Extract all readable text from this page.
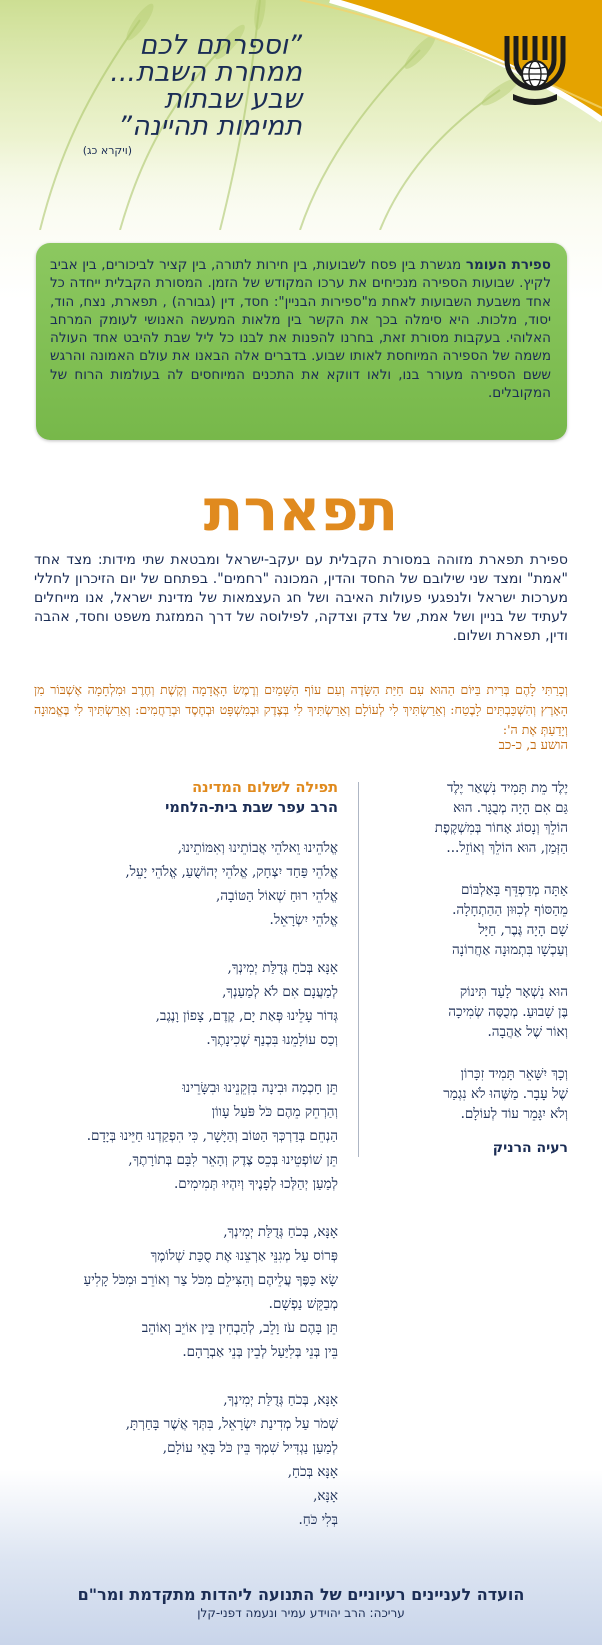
”וספרתם לכם
ממחרת השבת...
שבע שבתות
תמימות תהיינה”
(ויקרא כג)

ספירת העומר מגשרת בין פסח לשבועות, בין חירות לתורה, בין קציר לביכורים, בין אביב לקיץ. שבועות הספירה מנכיחים את ערכו המקודש של הזמן. המסורת הקבלית ייחדה כל אחד משבעת השבועות לאחת מ"ספירות הבניין": חסד, דין (גבורה) , תפארת, נצח, הוד, יסוד, מלכות. היא סימלה בכך את הקשר בין מלאות המעשה האנושי לעומק המרחב האלוהי. בעקבות מסורת זאת, בחרנו להפנות את לבנו כל ליל שבת להיבט אחד העולה משמה של הספירה המיוחסת לאותו שבוע. בדברים אלה הבאנו את עולם האמונה והרגש ששם הספירה מעורר בנו, ולאו דווקא את התכנים המיוחסים לה בעולמות הרוח של המקובלים.

תפארת

ספירת תפארת מזוהה במסורת הקבלית עם יעקב-ישראל ומבטאת שתי מידות: מצד אחד "אמת" ומצד שני שילובם של החסד והדין, המכונה "רחמים". בפתחם של יום הזיכרון לחללי מערכות ישראל ולנפגעי פעולות האיבה ושל חג העצמאות של מדינת ישראל, אנו מייחלים לעתיד של בניין ושל אמת, של צדק וצדקה, לפילוסה של דרך הממזגת משפט וחסד, אהבה ודין, תפארת ושלום.

וְכָרַתִּי לָהֶם בְּרִית בַּיּוֹם הַהוּא עִם חַיַּת הַשָּׂדֶה וְעִם עוֹף הַשָּׁמַיִם וְרֶמֶשׂ הָאֲדָמָה וְקֶשֶׁת וְחֶרֶב וּמִלְחָמָה אֶשְׁבּוֹר מִן הָאָרֶץ וְהִשְׁכַּבְתִּים לָבֶטַח: וְאֵרַשְׂתִּיךְ לִי לְעוֹלָם וְאֵרַשְׂתִּיךְ לִי בְּצֶדֶק וּבְמִשְׁפָּט וּבְחֶסֶד וּבְרַחֲמִים: וְאֵרַשְׂתִּיךְ לִי בֶּאֱמוּנָה וְיָדַעַתְּ אֶת ה':

הושע ב, כ-כב
יֶלֶד מֵת תָּמִיד נִשְׁאַר יֶלֶד
גַּם אִם הָיָה מְבֻגָּר. הוּא
הוֹלֵךְ וְנָסוֹג אָחוֹר בְּמִשְׁקֶפֶת
הַזְּמַן, הוּא הוֹלֵךְ וְאוֹזֵל...
אַתָּה מְדַפְדֵּף בָּאַלְבּוֹם
מֵהַסּוֹף לְכִוּוּן הַהַתְחָלָה.
שָׁם הָיָה גֶּבֶר, חַיָּל
וְעַכְשָׁו בִּתְמוּנָה אַחֲרוֹנָה
הוּא נִשְׁאָר לָעַד תִּינוֹק
בֶּן שָׁבוּעַ. מְכֻסֶּה שְׂמִיכָה
וְאוֹר שֶׁל אַהֲבָה.
וְכָךְ יִשָּׁאֵר תָּמִיד זִכָּרוֹן
שֶׁל עָבָר. מַשֶּׁהוּ לֹא נִגְמַר
וְלֹא יִגָּמֵר עוֹד לְעוֹלָם.
רעיה הרניק
תפילה לשלום המדינה
הרב עפר שבת בית-הלחמי
אֱלֹהֵינוּ וֵאלֹהֵי אֲבוֹתֵינוּ וְאִמּוֹתֵינוּ,
אֱלֹהֵי פַּחַד יִצְחָק, אֱלֹהֵי יְהוֹשֻׁעַ, אֱלֹהֵי יָעֵל,
אֱלֹהֵי רוּחַ שְׁאוֹל הַטּוֹבָה,
אֱלֹהֵי יִשְׂרָאֵל.
אָנָּא בְּכֹחַ גְּדֻלַּת יְמִינְךָ,
לְמַעֲנָם אִם לֹא לְמַעַנְךָ,
גְּדוֹר עָלֵינוּ פְּאַת יָם, קֶדֶם, צָפוֹן וָנֶגֶב,
וְכַס עוֹלָמֵנוּ בִּכְנַף שְׁכִינָתֶךָ.
תֵּן חָכְמָה וּבִינָה בִּזְקֵנֵינוּ וּבִשָּׂרֵינוּ
וְהַרְחֵק מֵהֶם כֹּל פֹּעַל עָווֹן
הַנְחֵם בְּדַרְכְּךָ הַטּוֹב וְהַיָּשָׁר, כִּי הִפְקַדְנוּ חַיֵּינוּ בְּיָדָם.
תֵּן שׁוֹפְטֵינוּ בְּכֵס צֶדֶק וְהָאֵר לִבָּם בְּתוֹרָתֶךָ,
לְמַעַן יְהַלְּכוּ לְפָנֶיךָ וְיִהְיוּ תְּמִימִים.
אָנָּא, בְּכֹחַ גְּדֻלַּת יְמִינְךָ,
פְּרוֹס עַל מְגִנֵּי אַרְצֵנוּ אֶת סֻכַּת שְׁלוֹמֶךָ
שָׂא כַּפֶּךָ עֲלֵיהֶם וְהַצִּילֵם מִכֹּל צַר וְאוֹרֵב וּמִכֹּל קָלִיעַ
מְבַקֵּשׁ נַפְשָׁם.
תֵּן בָּהֶם עֹז וָלֵב, לְהַבְחִין בֵּין אוֹיֵב וְאוֹהֵב
בֵּין בְּנֵי בְּלִיַּעַל לְבֵין בְּנֵי אַבְרָהָם.
אָנָּא, בְּכֹחַ גְּדֻלַּת יְמִינְךָ,
שְׁמֹר עַל מְדִינַת יִשְׂרָאֵל, בִּתְּךָ אֲשֶׁר בָּחַרְתָּ,
לְמַעַן נַגְדִּיל שִׁמְךָ בֵּין כֹּל בָּאֵי עוֹלָם,
אָנָּא בְּכֹחַ,
אָנָּא,
בְּלִי כֹּחַ.
הועדה לעניינים רעיוניים של התנועה ליהדות מתקדמת ומר"ם
עריכה: הרב יהוידע עמיר ונעמה דפני-קלן
